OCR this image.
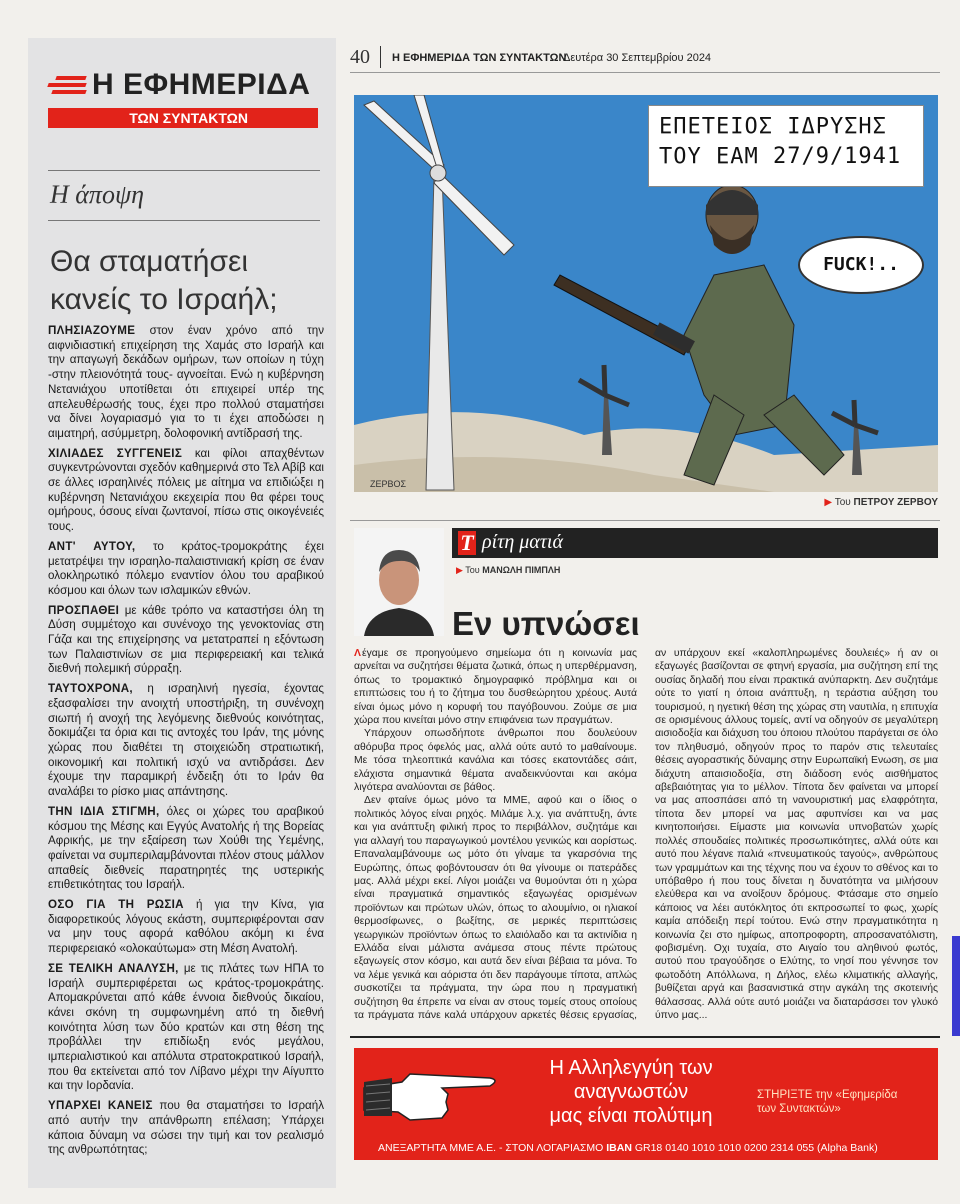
Η ΕΦΗΜΕΡΙΔΑ
ΤΩΝ ΣΥΝΤΑΚΤΩΝ
Η άποψη
Θα σταματήσει κανείς το Ισραήλ;

ΠΛΗΣΙΑΖΟΥΜΕ στον έναν χρόνο από την αιφνιδιαστική επιχείρηση της Χαμάς στο Ισραήλ και την απαγωγή δεκάδων ομήρων, των οποίων η τύχη -στην πλειονότητά τους- αγνοείται. Ενώ η κυβέρνηση Νετανιάχου υποτίθεται ότι επιχειρεί υπέρ της απελευθέρωσής τους, έχει προ πολλού σταματήσει να δίνει λογαριασμό για το τι έχει αποδώσει η αιματηρή, ασύμμετρη, δολοφονική αντίδρασή της.

ΧΙΛΙΑΔΕΣ ΣΥΓΓΕΝΕΙΣ και φίλοι απαχθέντων συγκεντρώνονται σχεδόν καθημερινά στο Τελ Αβίβ και σε άλλες ισραηλινές πόλεις με αίτημα να επιδιώξει η κυβέρνηση Νετανιάχου εκεχειρία που θα φέρει τους ομήρους, όσους είναι ζωντανοί, πίσω στις οικογένειές τους.

ΑΝΤ' ΑΥΤΟΥ, το κράτος-τρομοκράτης έχει μετατρέψει την ισραηλο-παλαιστινιακή κρίση σε έναν ολοκληρωτικό πόλεμο εναντίον όλου του αραβικού κόσμου και όλων των ισλαμικών εθνών.

ΠΡΟΣΠΑΘΕΙ με κάθε τρόπο να καταστήσει όλη τη Δύση συμμέτοχο και συνένοχο της γενοκτονίας στη Γάζα και της επιχείρησης να μετατραπεί η εξόντωση των Παλαιστινίων σε μια περιφερειακή και τελικά διεθνή πολεμική σύρραξη.

ΤΑΥΤΟΧΡΟΝΑ, η ισραηλινή ηγεσία, έχοντας εξασφαλίσει την ανοιχτή υποστήριξη, τη συνένοχη σιωπή ή ανοχή της λεγόμενης διεθνούς κοινότητας, δοκιμάζει τα όρια και τις αντοχές του Ιράν, της μόνης χώρας που διαθέτει τη στοιχειώδη στρατιωτική, οικονομική και πολιτική ισχύ να αντιδράσει. Δεν έχουμε την παραμικρή ένδειξη ότι το Ιράν θα αναλάβει το ρίσκο μιας απάντησης.

ΤΗΝ ΙΔΙΑ ΣΤΙΓΜΗ, όλες οι χώρες του αραβικού κόσμου της Μέσης και Εγγύς Ανατολής ή της Βορείας Αφρικής, με την εξαίρεση των Χούθι της Υεμένης, φαίνεται να συμπεριλαμβάνονται πλέον στους μάλλον απαθείς διεθνείς παρατηρητές της υστερικής επιθετικότητας του Ισραήλ.

ΟΣΟ ΓΙΑ ΤΗ ΡΩΣΙΑ ή για την Κίνα, για διαφορετικούς λόγους εκάστη, συμπεριφέρονται σαν να μην τους αφορά καθόλου ακόμη κι ένα περιφερειακό «ολοκαύτωμα» στη Μέση Ανατολή.

ΣΕ ΤΕΛΙΚΗ ΑΝΑΛΥΣΗ, με τις πλάτες των ΗΠΑ το Ισραήλ συμπεριφέρεται ως κράτος-τρομοκράτης. Απομακρύνεται από κάθε έννοια διεθνούς δικαίου, κάνει σκόνη τη συμφωνημένη από τη διεθνή κοινότητα λύση των δύο κρατών και στη θέση της προβάλλει την επιδίωξη ενός μεγάλου, ιμπεριαλιστικού και απόλυτα στρατοκρατικού Ισραήλ, που θα εκτείνεται από τον Λίβανο μέχρι την Αίγυπτο και την Ιορδανία.

ΥΠΑΡΧΕΙ ΚΑΝΕΙΣ που θα σταματήσει το Ισραήλ από αυτήν την απάνθρωπη επέλαση; Υπάρχει κάποια δύναμη να σώσει την τιμή και τον ρεαλισμό της ανθρωπότητας;

40 Η ΕΦΗΜΕΡΙΔΑ ΤΩΝ ΣΥΝΤΑΚΤΩΝ
Δευτέρα 30 Σεπτεμβρίου 2024
ΖΕΡΒΟΣ
ΕΠΕΤΕΙΟΣ ΙΔΡΥΣΗΣ
ΤΟΥ ΕΑΜ 27/9/1941
FUCK!..
▶ Του ΠΕΤΡΟΥ ΖΕΡΒΟΥ
Τ ρίτη ματιά
▶ Του ΜΑΝΩΛΗ ΠΙΜΠΛΗ
Εν υπνώσει

Λ έγαμε σε προηγούμενο σημείωμα ότι η κοινωνία μας αρνείται να συζητήσει θέματα ζωτικά, όπως η υπερθέρμανση, όπως το τρομακτικό δημογραφικό πρόβλημα και οι επιπτώσεις του ή το ζήτημα του δυσθεώρητου χρέους. Αυτά είναι όμως μόνο η κορυφή του παγόβουνου. Ζούμε σε μια χώρα που κινείται μόνο στην επιφάνεια των πραγμάτων.

Υπάρχουν οπωσδήποτε άνθρωποι που δουλεύουν αθόρυβα προς όφελός μας, αλλά ούτε αυτό το μαθαίνουμε. Με τόσα τηλεοπτικά κανάλια και τόσες εκατοντάδες σάιτ, ελάχιστα σημαντικά θέματα αναδεικνύονται και ακόμα λιγότερα αναλύονται σε βάθος.

Δεν φταίνε όμως μόνο τα ΜΜΕ, αφού και ο ίδιος ο πολιτικός λόγος είναι ρηχός. Μιλάμε λ.χ. για ανάπτυξη, άντε και για ανάπτυξη φιλική προς το περιβάλλον, συζητάμε και για αλλαγή του παραγωγικού μοντέλου γενικώς και αορίστως. Επαναλαμβάνουμε ως μότο ότι γίναμε τα γκαρσόνια της Ευρώπης, όπως φοβόντουσαν ότι θα γίνουμε οι πατεράδες μας. Αλλά μέχρι εκεί. Λίγοι μοιάζει να θυμούνται ότι η χώρα είναι πραγματικά σημαντικός εξαγωγέας ορισμένων προϊόντων και πρώτων υλών, όπως το αλουμίνιο, οι ηλιακοί θερμοσίφωνες, ο βωξίτης, σε μερικές περιπτώσεις γεωργικών προϊόντων όπως το ελαιόλαδο και τα ακτινίδια η Ελλάδα είναι μάλιστα ανάμεσα στους πέντε πρώτους εξαγωγείς στον κόσμο, και αυτά δεν είναι βέβαια τα μόνα. Το να λέμε γενικά και αόριστα ότι δεν παράγουμε τίποτα, απλώς συσκοτίζει τα πράγματα, την ώρα που η πραγματική συζήτηση θα έπρεπε να είναι αν στους τομείς στους οποίους τα πράγματα πάνε καλά υπάρχουν αρκετές θέσεις εργασίας, αν υπάρχουν εκεί «καλοπληρωμένες δουλειές» ή αν οι εξαγωγές βασίζονται σε φτηνή εργασία, μια συζήτηση επί της ουσίας δηλαδή που είναι πρακτικά ανύπαρκτη. Δεν συζητάμε ούτε το γιατί η όποια ανάπτυξη, η τεράστια αύξηση του τουρισμού, η ηγετική θέση της χώρας στη ναυτιλία, η επιτυχία σε ορισμένους άλλους τομείς, αντί να οδηγούν σε μεγαλύτερη αισιοδοξία και διάχυση του όποιου πλούτου παράγεται σε όλο τον πληθυσμό, οδηγούν προς το παρόν στις τελευταίες θέσεις αγοραστικής δύναμης στην Ευρωπαϊκή Ενωση, σε μια διάχυτη απαισιοδοξία, στη διάδοση ενός αισθήματος αβεβαιότητας για το μέλλον. Τίποτα δεν φαίνεται να μπορεί να μας αποσπάσει από τη νανουριστική μας ελαφρότητα, τίποτα δεν μπορεί να μας αφυπνίσει και να μας κινητοποιήσει. Είμαστε μια κοινωνία υπνοβατών χωρίς πολλές σπουδαίες πολιτικές προσωπικότητες, αλλά ούτε και αυτό που λέγανε παλιά «πνευματικούς ταγούς», ανθρώπους των γραμμάτων και της τέχνης που να έχουν το σθένος και το υπόβαθρο ή που τους δίνεται η δυνατότητα να μιλήσουν ελεύθερα και να ανοίξουν δρόμους. Φτάσαμε στο σημείο κάποιος να λέει αυτόκλητος ότι εκπροσωπεί το φως, χωρίς καμία απόδειξη περί τούτου. Ενώ στην πραγματικότητα η κοινωνία ζει στο ημίφως, αποπροφορτη, απροσανατόλιστη, φοβισμένη. Οχι τυχαία, στο Αιγαίο του αληθινού φωτός, αυτού που τραγούδησε ο Ελύτης, το νησί που γέννησε τον φωτοδότη Απόλλωνα, η Δήλος, ελέω κλιματικής αλλαγής, βυθίζεται αργά και βασανιστικά στην αγκάλη της σκοτεινής θάλασσας. Αλλά ούτε αυτό μοιάζει να διαταράσσει τον γλυκό ύπνο μας...

Η Αλληλεγγύη των αναγνωστών
μας είναι πολύτιμη
ΣΤΗΡΙΞΤΕ την «Εφημερίδα των Συντακτών»
ΑΝΕΞΑΡΤΗΤΑ ΜΜΕ Α.Ε. - ΣΤΟΝ ΛΟΓΑΡΙΑΣΜΟ IBAN GR18 0140 1010 1010 0200 2314 055 (Alpha Bank)
